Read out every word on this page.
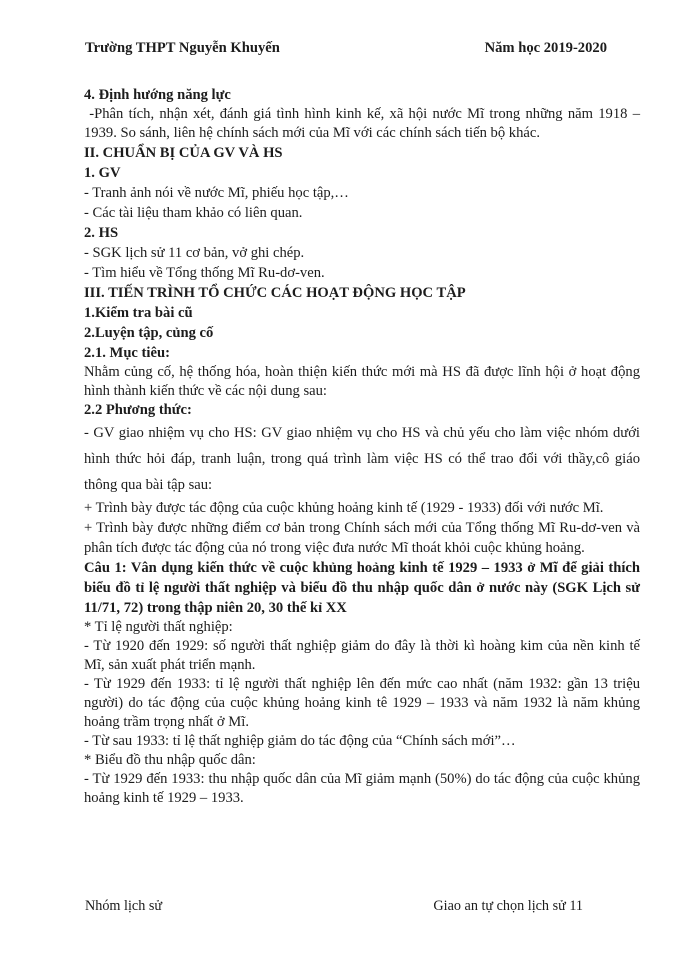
Trường THPT Nguyễn Khuyến	Năm học 2019-2020

4. Định hướng năng lực

-Phân tích, nhận xét, đánh giá tình hình kinh kế, xã hội nước Mĩ trong những năm 1918 – 1939. So sánh, liên hệ chính sách mới của Mĩ với các chính sách tiến bộ khác.

II. CHUẨN BỊ CỦA GV VÀ HS

1. GV

- Tranh ảnh nói về nước Mĩ, phiếu học tập,…

- Các tài liệu tham khảo có liên quan.

2. HS

- SGK lịch sử 11 cơ bản, vở ghi chép.

- Tìm hiểu về Tổng thống Mĩ Ru-dơ-ven.

III. TIẾN TRÌNH TỔ CHỨC CÁC HOẠT ĐỘNG HỌC TẬP

1.Kiểm tra bài cũ

2.Luyện tập, củng cố

2.1. Mục tiêu:

Nhằm củng cố, hệ thống hóa, hoàn thiện kiến thức mới mà HS đã được lĩnh hội ở hoạt động hình thành kiến thức về các nội dung sau:

2.2 Phương thức:

- GV giao nhiệm vụ cho HS: GV giao nhiệm vụ cho HS và chủ yếu cho làm việc nhóm dưới hình thức hỏi đáp, tranh luận, trong quá trình làm việc HS có thể trao đổi với thầy,cô giáo thông qua bài tập sau:

+ Trình bày được tác động của cuộc khủng hoảng kinh tế (1929 - 1933) đối với nước Mĩ.

+ Trình bày được những điểm cơ bản trong Chính sách mới của Tổng thống Mĩ Ru-dơ-ven và phân tích được tác động của nó trong việc đưa nước Mĩ thoát khỏi cuộc khủng hoảng.

Câu 1: Vân dụng kiến thức về cuộc khủng hoảng kinh tế 1929 – 1933 ở Mĩ để giải thích biểu đồ tỉ lệ người thất nghiệp và biểu đồ thu nhập quốc dân ở nước này (SGK Lịch sử 11/71, 72) trong thập niên 20, 30 thế kỉ XX

* Tỉ lệ người thất nghiệp:

- Từ 1920 đến 1929: số người thất nghiệp giảm do đây là thời kì hoàng kim của nền kinh tế Mĩ, sản xuất phát triển mạnh.

- Từ 1929 đến 1933: tỉ lệ người thất nghiệp lên đến mức cao nhất (năm 1932: gần 13 triệu người) do tác động của cuộc khủng hoảng kinh tê 1929 – 1933 và năm 1932 là năm khủng hoảng trầm trọng nhất ở Mĩ.

- Từ sau 1933: tỉ lệ thất nghiệp giảm do tác động của “Chính sách mới”…

* Biểu đồ thu nhập quốc dân:

- Từ 1929 đến 1933: thu nhập quốc dân của Mĩ giảm mạnh (50%) do tác động của cuộc khủng hoảng kinh tế 1929 – 1933.

Nhóm lịch sử	Giao an tự chọn lịch sử 11
